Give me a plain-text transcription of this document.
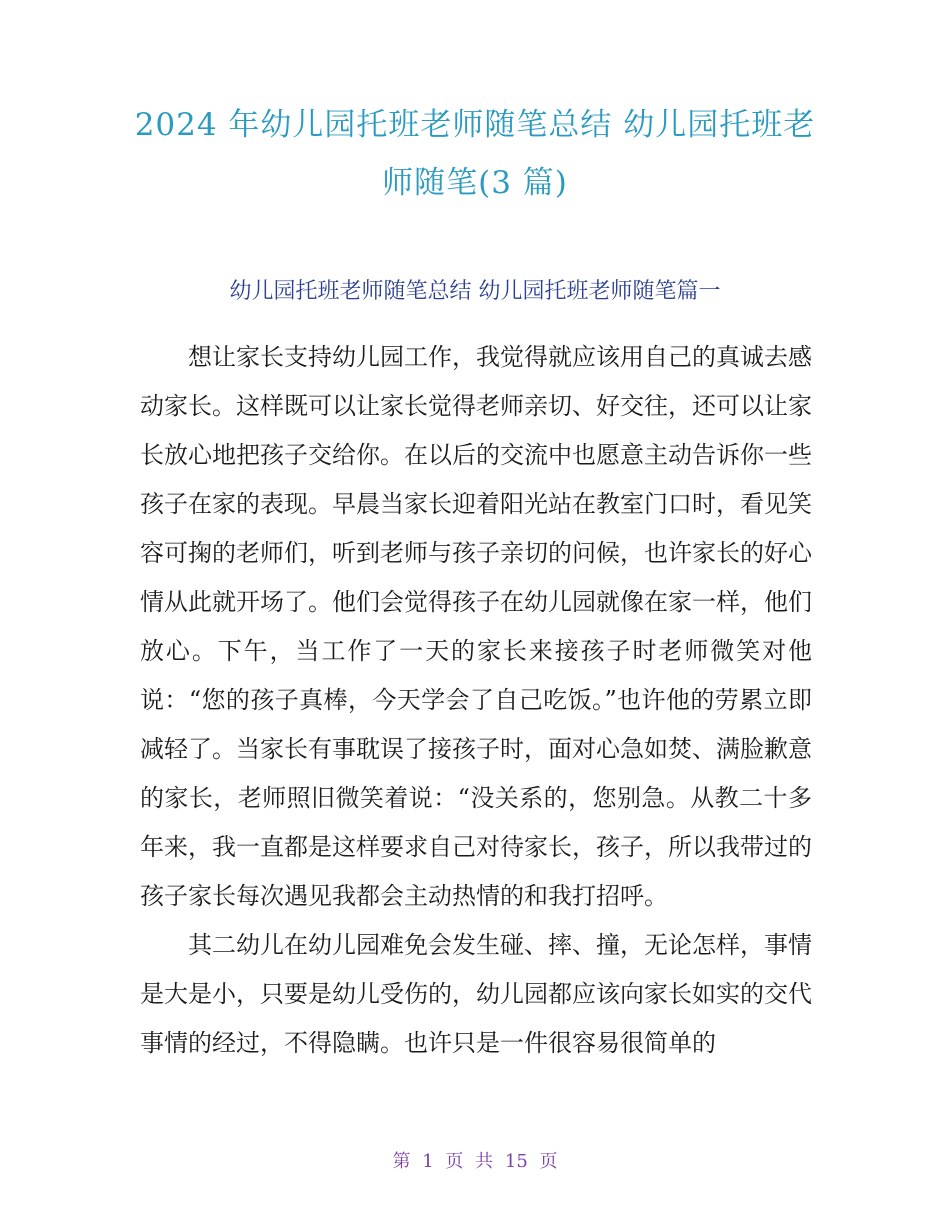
2024 年幼儿园托班老师随笔总结 幼儿园托班老师随笔(3 篇)
幼儿园托班老师随笔总结 幼儿园托班老师随笔篇一

想让家长支持幼儿园工作，我觉得就应该用自己的真诚去感动家长。这样既可以让家长觉得老师亲切、好交往，还可以让家长放心地把孩子交给你。在以后的交流中也愿意主动告诉你一些孩子在家的表现。早晨当家长迎着阳光站在教室门口时，看见笑容可掬的老师们，听到老师与孩子亲切的问候，也许家长的好心情从此就开场了。他们会觉得孩子在幼儿园就像在家一样，他们放心。下午，当工作了一天的家长来接孩子时老师微笑对他说：“您的孩子真棒，今天学会了自己吃饭。”也许他的劳累立即减轻了。当家长有事耽误了接孩子时，面对心急如焚、满脸歉意的家长，老师照旧微笑着说：“没关系的，您别急。从教二十多年来，我一直都是这样要求自己对待家长，孩子，所以我带过的孩子家长每次遇见我都会主动热情的和我打招呼。

其二幼儿在幼儿园难免会发生碰、摔、撞，无论怎样，事情是大是小，只要是幼儿受伤的，幼儿园都应该向家长如实的交代事情的经过，不得隐瞒。也许只是一件很容易很简单的

第 1 页 共 15 页
